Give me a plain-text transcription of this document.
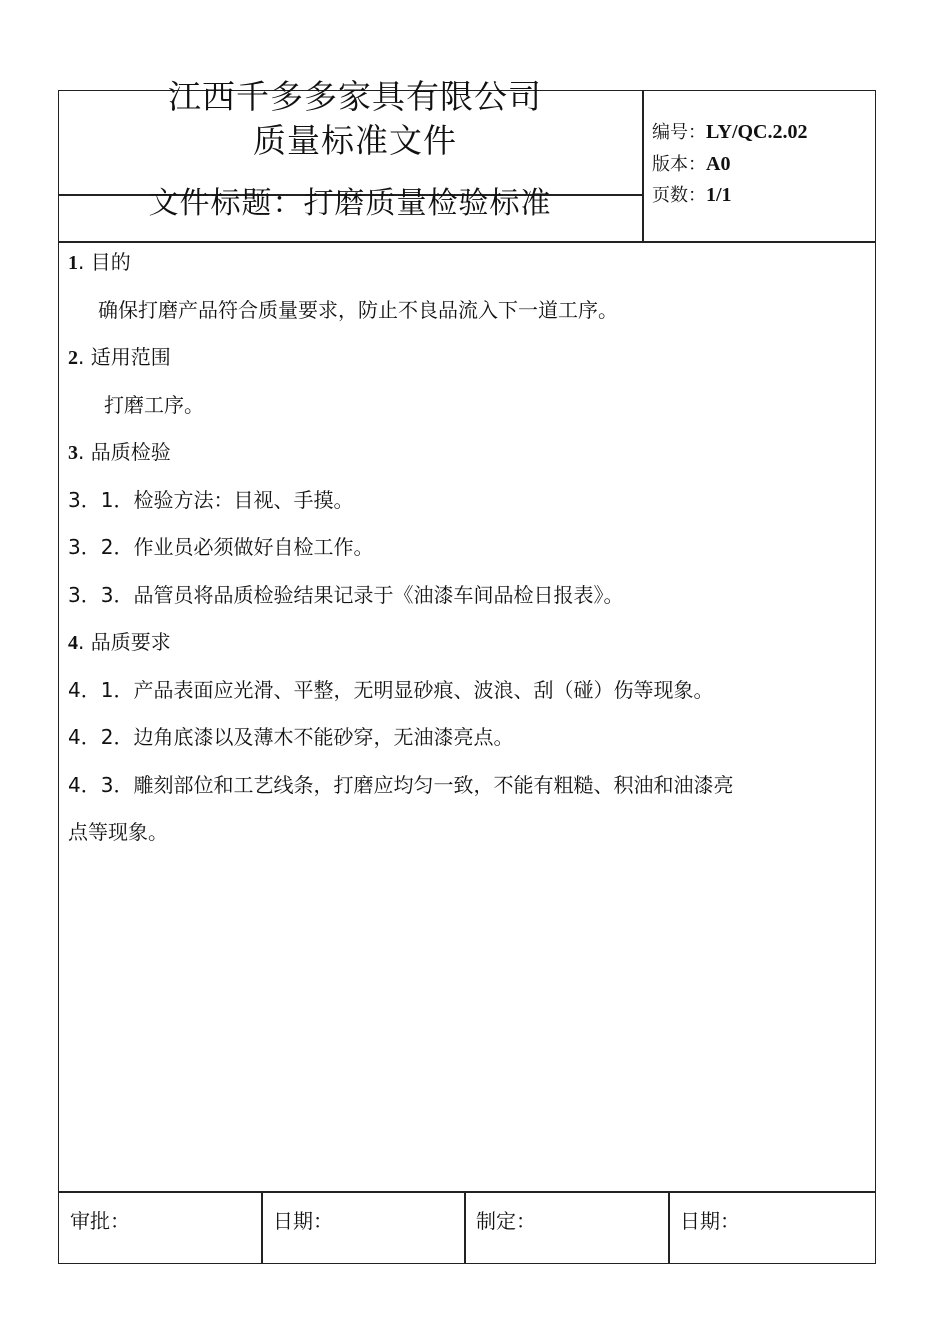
江西千多多家具有限公司
质量标准文件
文件标题：打磨质量检验标准
编号：LY/QC.2.02
版本：A0
页数：1/1
1. 目的
确保打磨产品符合质量要求，防止不良品流入下一道工序。
2. 适用范围
打磨工序。
3. 品质检验
3．1．检验方法：目视、手摸。
3．2．作业员必须做好自检工作。
3．3．品管员将品质检验结果记录于《油漆车间品检日报表》。
4. 品质要求
4．1．产品表面应光滑、平整，无明显砂痕、波浪、刮（碰）伤等现象。
4．2．边角底漆以及薄木不能砂穿，无油漆亮点。
4．3．雕刻部位和工艺线条，打磨应均匀一致，不能有粗糙、积油和油漆亮
点等现象。
审批：	日期：	制定：	日期：
